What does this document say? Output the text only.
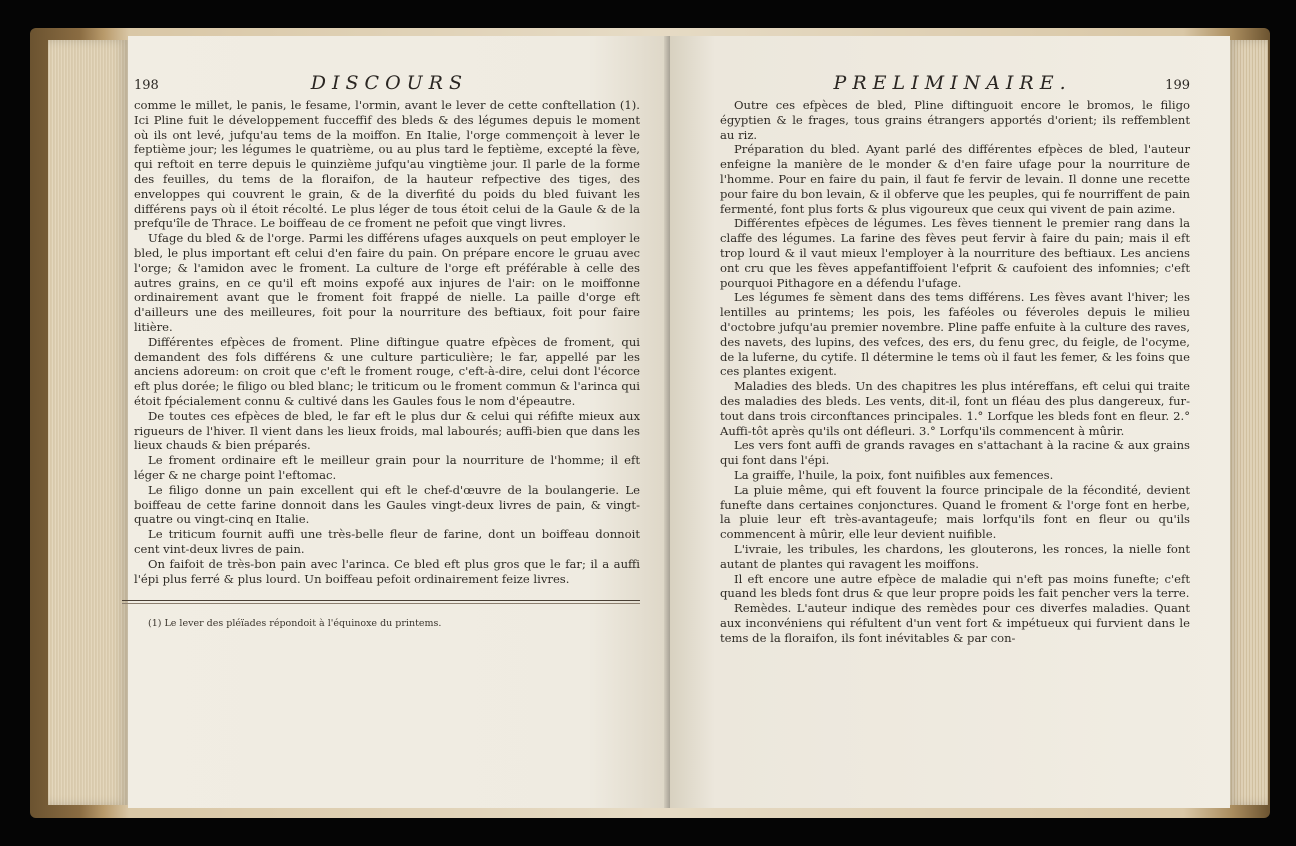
198	DISCOURS

comme le millet, le panis, le fesame, l'ormin, avant le lever de cette conftellation (1). Ici Pline fuit le développement fucceffif des bleds & des légumes depuis le moment où ils ont levé, jufqu'au tems de la moiffon. En Italie, l'orge commençoit à lever le feptième jour; les légumes le quatrième, ou au plus tard le feptième, excepté la fève, qui reftoit en terre depuis le quinzième jufqu'au vingtième jour. Il parle de la forme des feuilles, du tems de la floraifon, de la hauteur refpective des tiges, des enveloppes qui couvrent le grain, & de la diverfité du poids du bled fuivant les différens pays où il étoit récolté. Le plus léger de tous étoit celui de la Gaule & de la prefqu'île de Thrace. Le boiffeau de ce froment ne pefoit que vingt livres.

Ufage du bled & de l'orge. Parmi les différens ufages auxquels on peut employer le bled, le plus important eft celui d'en faire du pain. On prépare encore le gruau avec l'orge; & l'amidon avec le froment. La culture de l'orge eft préférable à celle des autres grains, en ce qu'il eft moins expofé aux injures de l'air: on le moiffonne ordinairement avant que le froment foit frappé de nielle. La paille d'orge eft d'ailleurs une des meilleures, foit pour la nourriture des beftiaux, foit pour faire litière.

Différentes efpèces de froment. Pline diftingue quatre efpèces de froment, qui demandent des fols différens & une culture particulière; le far, appellé par les anciens adoreum: on croit que c'eft le froment rouge, c'eft-à-dire, celui dont l'écorce eft plus dorée; le filigo ou bled blanc; le triticum ou le froment commun & l'arinca qui étoit fpécialement connu & cultivé dans les Gaules fous le nom d'épeautre.

De toutes ces efpèces de bled, le far eft le plus dur & celui qui réfifte mieux aux rigueurs de l'hiver. Il vient dans les lieux froids, mal labourés; auffi-bien que dans les lieux chauds & bien préparés.

Le froment ordinaire eft le meilleur grain pour la nourriture de l'homme; il eft léger & ne charge point l'eftomac.

Le filigo donne un pain excellent qui eft le chef-d'œuvre de la boulangerie. Le boiffeau de cette farine donnoit dans les Gaules vingt-deux livres de pain, & vingt-quatre ou vingt-cinq en Italie.

Le triticum fournit auffi une très-belle fleur de farine, dont un boiffeau donnoit cent vint-deux livres de pain.

On faifoit de très-bon pain avec l'arinca. Ce bled eft plus gros que le far; il a auffi l'épi plus ferré & plus lourd. Un boiffeau pefoit ordinairement feize livres.

(1) Le lever des pléïades répondoit à l'équinoxe du printems.
PRELIMINAIRE.	199

Outre ces efpèces de bled, Pline diftinguoit encore le bromos, le filigo égyptien & le frages, tous grains étrangers apportés d'orient; ils reffemblent au riz.

Préparation du bled. Ayant parlé des différentes efpèces de bled, l'auteur enfeigne la manière de le monder & d'en faire ufage pour la nourriture de l'homme. Pour en faire du pain, il faut fe fervir de levain. Il donne une recette pour faire du bon levain, & il obferve que les peuples, qui fe nourriffent de pain fermenté, font plus forts & plus vigoureux que ceux qui vivent de pain azime.

Différentes efpèces de légumes. Les fèves tiennent le premier rang dans la claffe des légumes. La farine des fèves peut fervir à faire du pain; mais il eft trop lourd & il vaut mieux l'employer à la nourriture des beftiaux. Les anciens ont cru que les fèves appefantiffoient l'efprit & caufoient des infomnies; c'eft pourquoi Pithagore en a défendu l'ufage.

Les légumes fe sèment dans des tems différens. Les fèves avant l'hiver; les lentilles au printems; les pois, les faféoles ou féveroles depuis le milieu d'octobre jufqu'au premier novembre. Pline paffe enfuite à la culture des raves, des navets, des lupins, des vefces, des ers, du fenu grec, du feigle, de l'ocyme, de la luferne, du cytife. Il détermine le tems où il faut les femer, & les foins que ces plantes exigent.

Maladies des bleds. Un des chapitres les plus intéreffans, eft celui qui traite des maladies des bleds. Les vents, dit-il, font un fléau des plus dangereux, fur-tout dans trois circonftances principales. 1.° Lorfque les bleds font en fleur. 2.° Auffi-tôt après qu'ils ont défleuri. 3.° Lorfqu'ils commencent à mûrir.

Les vers font auffi de grands ravages en s'attachant à la racine & aux grains qui font dans l'épi.

La graiffe, l'huile, la poix, font nuifibles aux femences.

La pluie même, qui eft fouvent la fource principale de la fécondité, devient funefte dans certaines conjonctures. Quand le froment & l'orge font en herbe, la pluie leur eft très-avantageufe; mais lorfqu'ils font en fleur ou qu'ils commencent à mûrir, elle leur devient nuifible.

L'ivraie, les tribules, les chardons, les glouterons, les ronces, la nielle font autant de plantes qui ravagent les moiffons.

Il eft encore une autre efpèce de maladie qui n'eft pas moins funefte; c'eft quand les bleds font drus & que leur propre poids les fait pencher vers la terre.

Remèdes. L'auteur indique des remèdes pour ces diverfes maladies. Quant aux inconvéniens qui réfultent d'un vent fort & impétueux qui furvient dans le tems de la floraifon, ils font inévitables & par con-
